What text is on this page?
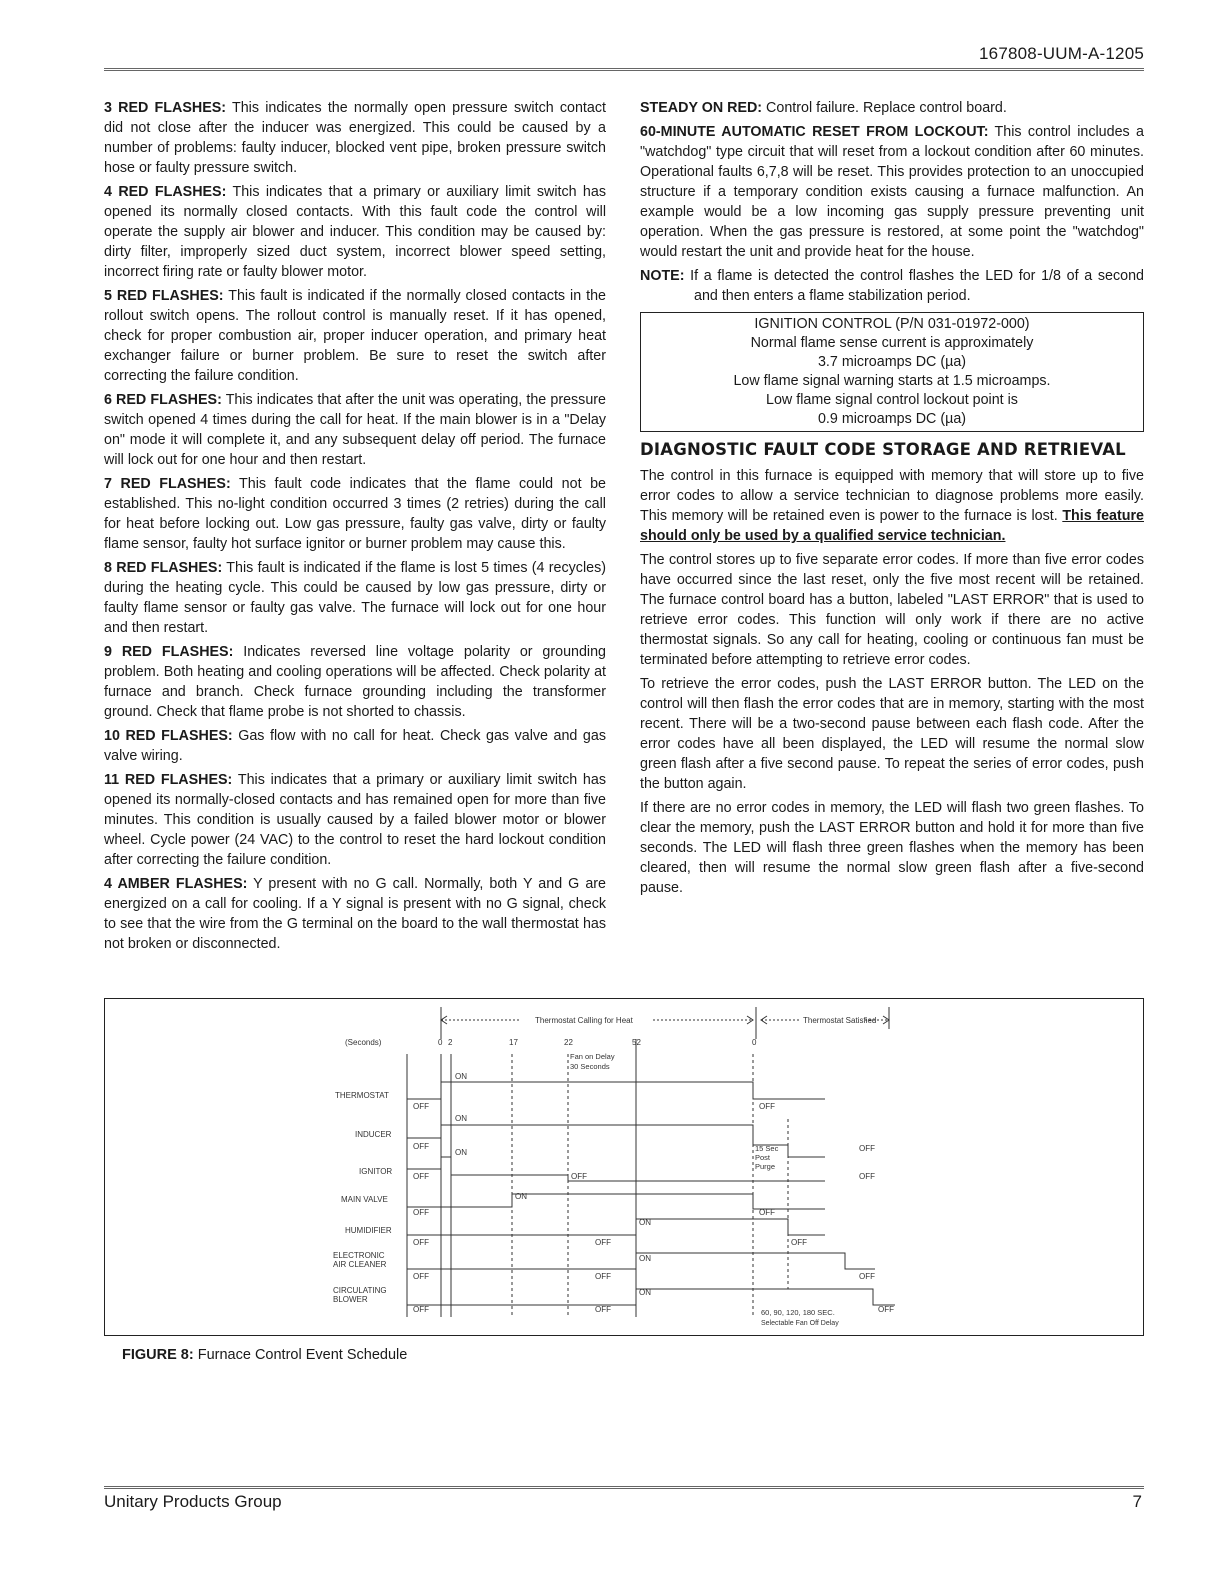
167808-UUM-A-1205

3 RED FLASHES: This indicates the normally open pressure switch contact did not close after the inducer was energized. This could be caused by a number of problems: faulty inducer, blocked vent pipe, broken pressure switch hose or faulty pressure switch.

4 RED FLASHES: This indicates that a primary or auxiliary limit switch has opened its normally closed contacts. With this fault code the control will operate the supply air blower and inducer. This condition may be caused by: dirty filter, improperly sized duct system, incorrect blower speed setting, incorrect firing rate or faulty blower motor.

5 RED FLASHES: This fault is indicated if the normally closed contacts in the rollout switch opens. The rollout control is manually reset. If it has opened, check for proper combustion air, proper inducer operation, and primary heat exchanger failure or burner problem. Be sure to reset the switch after correcting the failure condition.

6 RED FLASHES: This indicates that after the unit was operating, the pressure switch opened 4 times during the call for heat. If the main blower is in a "Delay on" mode it will complete it, and any subsequent delay off period. The furnace will lock out for one hour and then restart.

7 RED FLASHES: This fault code indicates that the flame could not be established. This no-light condition occurred 3 times (2 retries) during the call for heat before locking out. Low gas pressure, faulty gas valve, dirty or faulty flame sensor, faulty hot surface ignitor or burner problem may cause this.

8 RED FLASHES: This fault is indicated if the flame is lost 5 times (4 recycles) during the heating cycle. This could be caused by low gas pressure, dirty or faulty flame sensor or faulty gas valve. The furnace will lock out for one hour and then restart.

9 RED FLASHES: Indicates reversed line voltage polarity or grounding problem. Both heating and cooling operations will be affected. Check polarity at furnace and branch. Check furnace grounding including the transformer ground. Check that flame probe is not shorted to chassis.

10 RED FLASHES: Gas flow with no call for heat. Check gas valve and gas valve wiring.

11 RED FLASHES: This indicates that a primary or auxiliary limit switch has opened its normally-closed contacts and has remained open for more than five minutes. This condition is usually caused by a failed blower motor or blower wheel. Cycle power (24 VAC) to the control to reset the hard lockout condition after correcting the failure condition.

4 AMBER FLASHES: Y present with no G call. Normally, both Y and G are energized on a call for cooling. If a Y signal is present with no G signal, check to see that the wire from the G terminal on the board to the wall thermostat has not broken or disconnected.

STEADY ON RED: Control failure. Replace control board.

60-MINUTE AUTOMATIC RESET FROM LOCKOUT: This control includes a "watchdog" type circuit that will reset from a lockout condition after 60 minutes. Operational faults 6,7,8 will be reset. This provides protection to an unoccupied structure if a temporary condition exists causing a furnace malfunction. An example would be a low incoming gas supply pressure preventing unit operation. When the gas pressure is restored, at some point the "watchdog" would restart the unit and provide heat for the house.

NOTE: If a flame is detected the control flashes the LED for 1/8 of a second and then enters a flame stabilization period.

IGNITION CONTROL (P/N 031-01972-000)
Normal flame sense current is approximately
3.7 microamps DC (µa)
Low flame signal warning starts at 1.5 microamps.
Low flame signal control lockout point is
0.9 microamps DC (µa)
DIAGNOSTIC FAULT CODE STORAGE AND RETRIEVAL

The control in this furnace is equipped with memory that will store up to five error codes to allow a service technician to diagnose problems more easily. This memory will be retained even is power to the furnace is lost. This feature should only be used by a qualified service technician.

The control stores up to five separate error codes. If more than five error codes have occurred since the last reset, only the five most recent will be retained. The furnace control board has a button, labeled "LAST ERROR" that is used to retrieve error codes. This function will only work if there are no active thermostat signals. So any call for heating, cooling or continuous fan must be terminated before attempting to retrieve error codes.

To retrieve the error codes, push the LAST ERROR button. The LED on the control will then flash the error codes that are in memory, starting with the most recent. There will be a two-second pause between each flash code. After the error codes have all been displayed, the LED will resume the normal slow green flash after a five second pause. To repeat the series of error codes, push the button again.

If there are no error codes in memory, the LED will flash two green flashes. To clear the memory, push the LAST ERROR button and hold it for more than five seconds. The LED will flash three green flashes when the memory has been cleared, then will resume the normal slow green flash after a five-second pause.

Thermostat Calling for Heat	Thermostat Satisfied
(Seconds)	0 2	17	22	52	0
Fan on Delay
30 Seconds
THERMOSTAT
INDUCER
IGNITOR
MAIN VALVE
HUMIDIFIER
ELECTRONIC
AIR CLEANER
CIRCULATING
BLOWER
ON
OFF	OFF
ON
OFF
ON
OFF	OFF	OFF
OFF
ON
OFF	OFF
ON
OFF	OFF	OFF
ON
OFF	OFF	OFF
ON
OFF	OFF	OFF
15 Sec
Post
Purge
60, 90, 120, 180 SEC.
Selectable Fan Off Delay
FIGURE 8: Furnace Control Event Schedule
Unitary Products Group	7
